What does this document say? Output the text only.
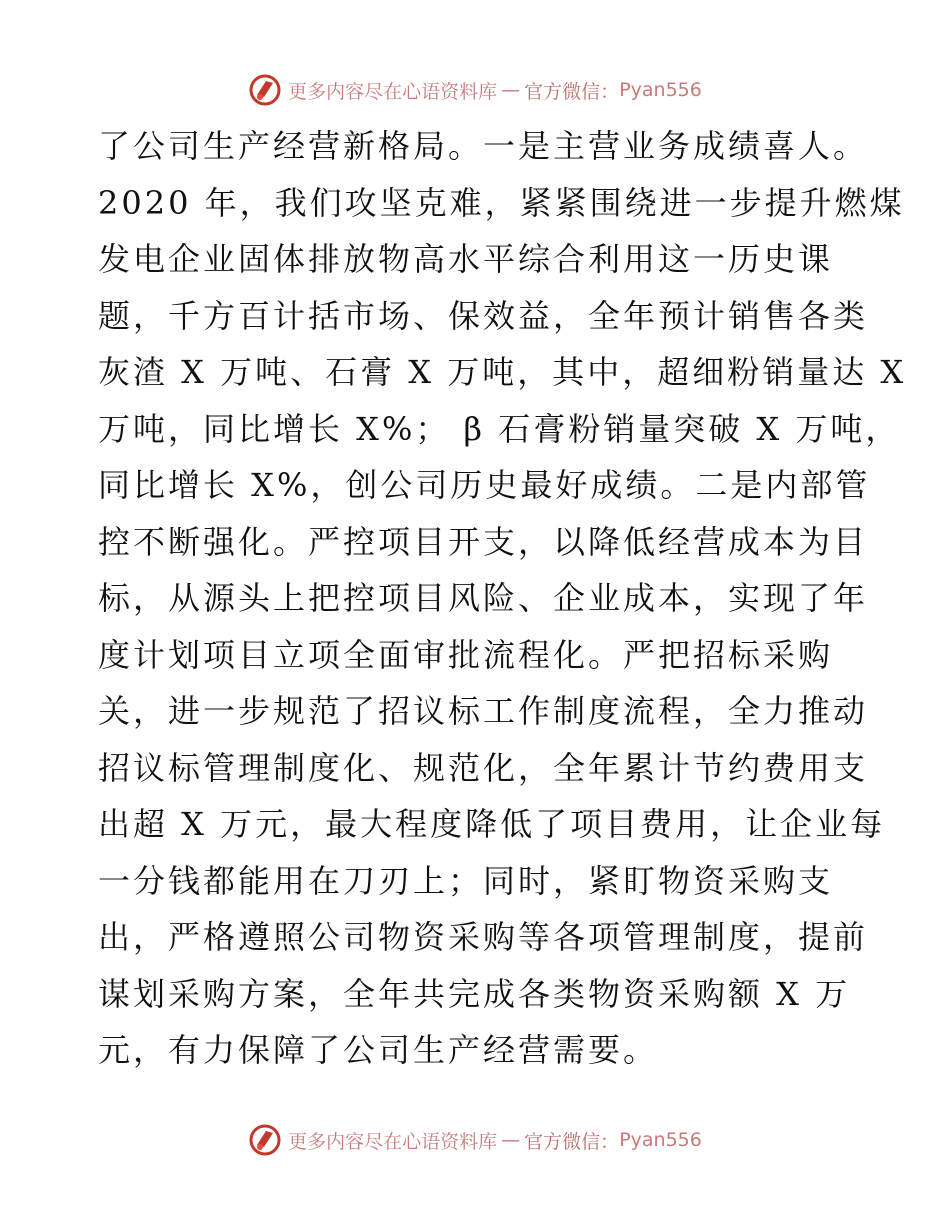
更多内容尽在心语资料库 — 官方微信： Pyan556
了公司生产经营新格局。一是主营业务成绩喜人。
2020 年，我们攻坚克难，紧紧围绕进一步提升燃煤
发电企业固体排放物高水平综合利用这一历史课
题，千方百计括市场、保效益，全年预计销售各类
灰渣 X 万吨、石膏 X 万吨，其中，超细粉销量达 X
万吨，同比增长 X%； β 石膏粉销量突破 X 万吨，
同比增长 X%，创公司历史最好成绩。二是内部管
控不断强化。严控项目开支，以降低经营成本为目
标，从源头上把控项目风险、企业成本，实现了年
度计划项目立项全面审批流程化。严把招标采购
关，进一步规范了招议标工作制度流程，全力推动
招议标管理制度化、规范化，全年累计节约费用支
出超 X 万元，最大程度降低了项目费用，让企业每
一分钱都能用在刀刃上；同时，紧盯物资采购支
出，严格遵照公司物资采购等各项管理制度，提前
谋划采购方案，全年共完成各类物资采购额 X 万
元，有力保障了公司生产经营需要。
更多内容尽在心语资料库 — 官方微信： Pyan556
